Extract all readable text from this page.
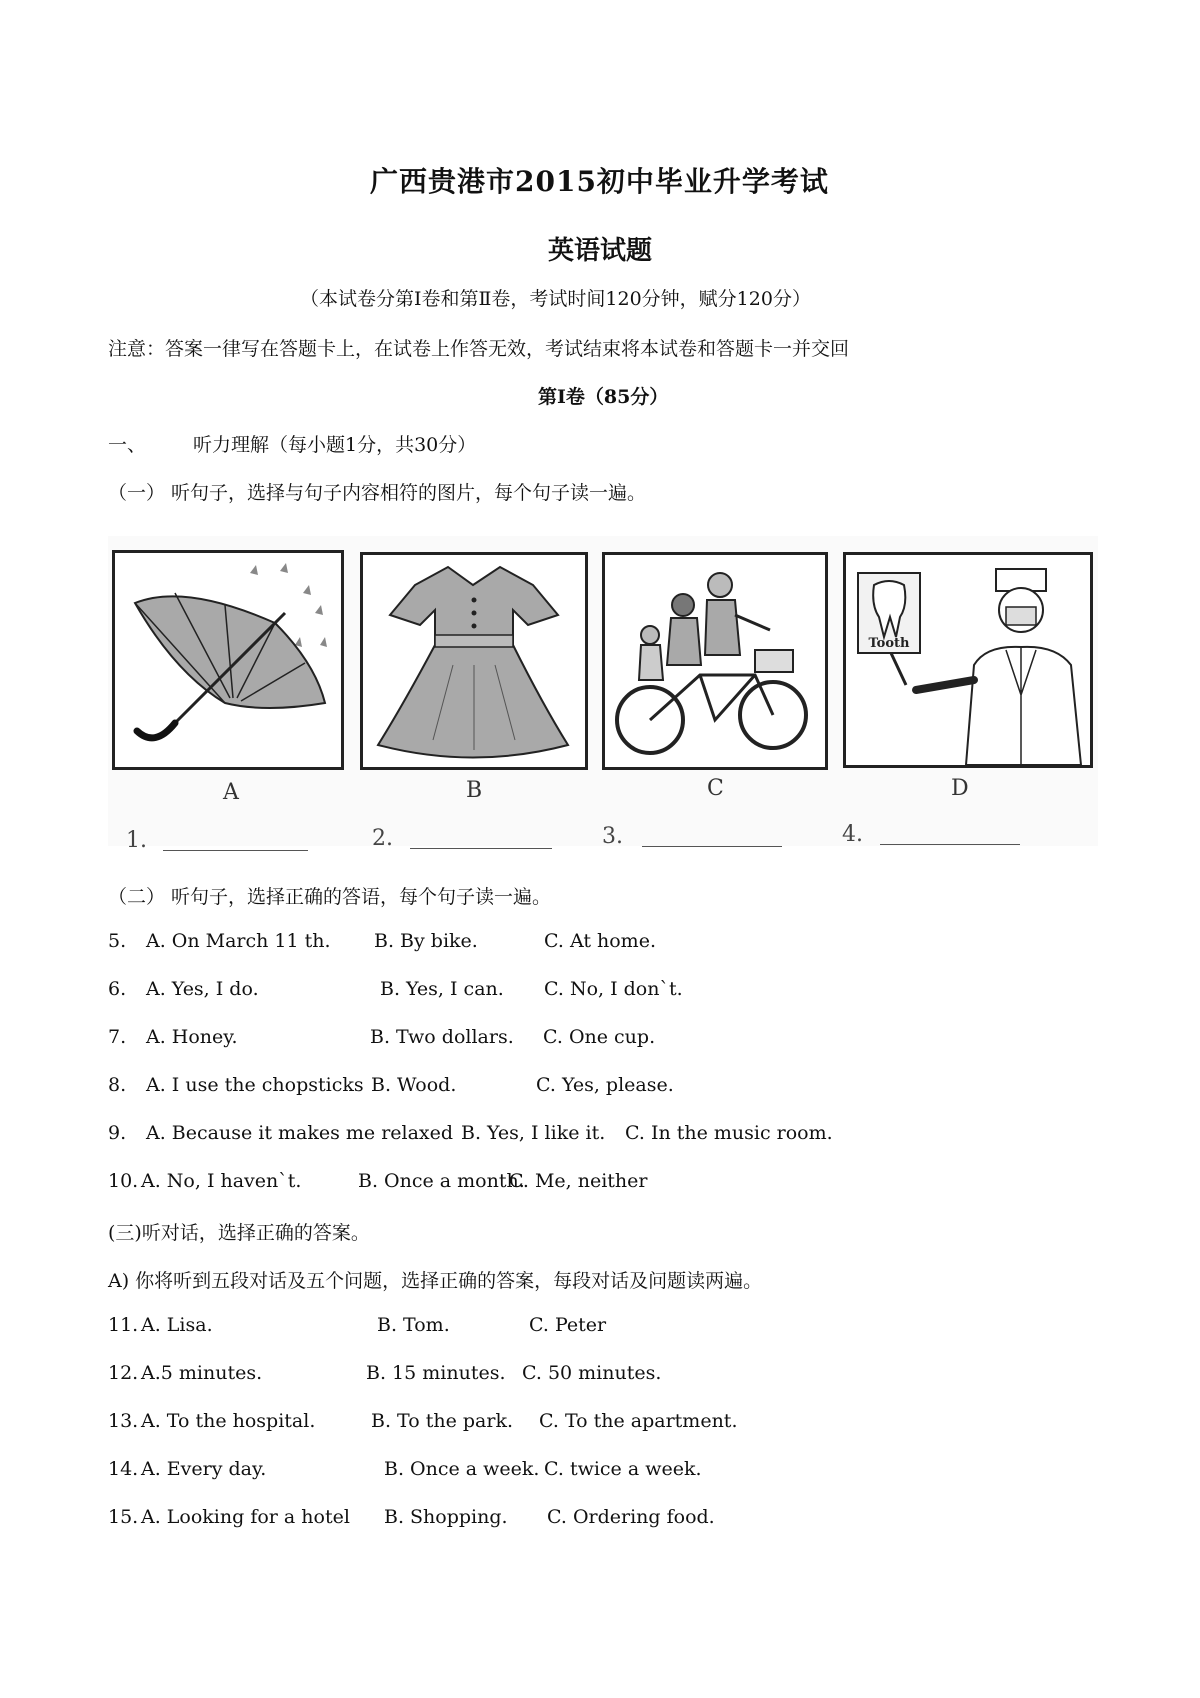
广西贵港市2015初中毕业升学考试
英语试题
（本试卷分第Ⅰ卷和第Ⅱ卷，考试时间120分钟，赋分120分）
注意：答案一律写在答题卡上，在试卷上作答无效，考试结束将本试卷和答题卡一并交回
第Ⅰ卷（85分）
一、 听力理解（每小题1分，共30分）
（一） 听句子，选择与句子内容相符的图片，每个句子读一遍。
A	B	C
Tooth
D
1.	2.	3.	4.
（二） 听句子，选择正确的答语，每个句子读一遍。
5. A. On March 11 th. B. By bike.	C. At home.
6. A. Yes, I do.	B. Yes, I can. C. No, I don`t.
7. A. Honey.	B. Two dollars. C. One cup.
8. A. I use the chopsticks B. Wood.	C. Yes, please.
9. A. Because it makes me relaxed B. Yes, I like it. C. In the music room.
10. A. No, I haven`t.	B. Once a month.
C. Me, neither
(三)听对话，选择正确的答案。
A) 你将听到五段对话及五个问题，选择正确的答案，每段对话及问题读两遍。
11. A. Lisa.	B. Tom.	C. Peter
12. A.5 minutes.	B. 15 minutes. C. 50 minutes.
13. A. To the hospital.	B. To the park. C. To the apartment.
14. A. Every day.	B. Once a week. C. twice a week.
15. A. Looking for a hotel B. Shopping. C. Ordering food.
